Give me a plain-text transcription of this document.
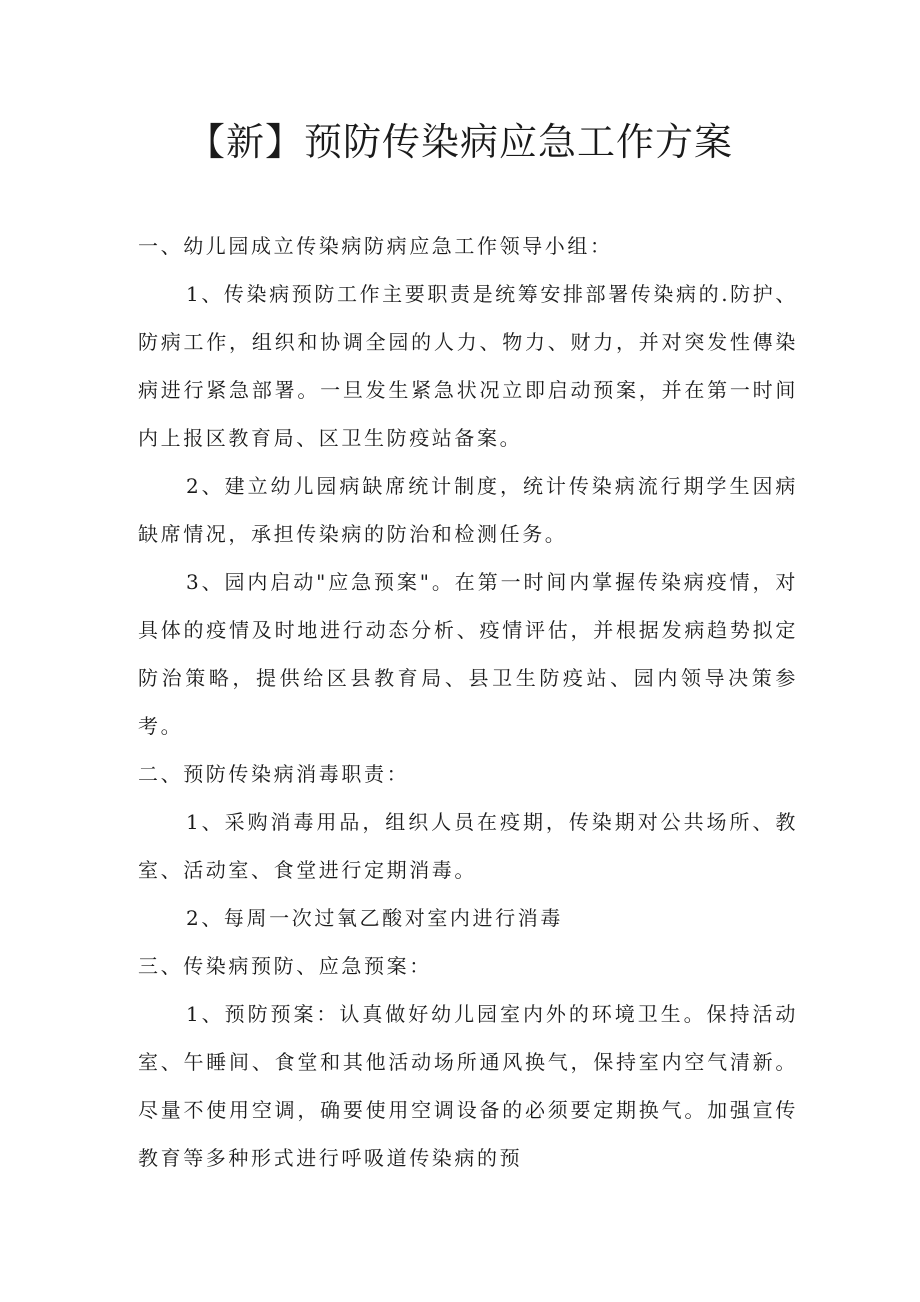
【新】预防传染病应急工作方案

一、幼儿园成立传染病防病应急工作领导小组：

1、传染病预防工作主要职责是统筹安排部署传染病的.防护、防病工作，组织和协调全园的人力、物力、财力，并对突发性傳染病进行紧急部署。一旦发生紧急状况立即启动预案，并在第一时间内上报区教育局、区卫生防疫站备案。

2、建立幼儿园病缺席统计制度，统计传染病流行期学生因病缺席情况，承担传染病的防治和检测任务。

3、园内启动"应急预案"。在第一时间内掌握传染病疫情，对具体的疫情及时地进行动态分析、疫情评估，并根据发病趋势拟定防治策略，提供给区县教育局、县卫生防疫站、园内领导决策参考。

二、预防传染病消毒职责：

1、采购消毒用品，组织人员在疫期，传染期对公共场所、教室、活动室、食堂进行定期消毒。

2、每周一次过氧乙酸对室内进行消毒

三、传染病预防、应急预案：

1、预防预案：认真做好幼儿园室内外的环境卫生。保持活动室、午睡间、食堂和其他活动场所通风换气，保持室内空气清新。尽量不使用空调，确要使用空调设备的必须要定期换气。加强宣传教育等多种形式进行呼吸道传染病的预
